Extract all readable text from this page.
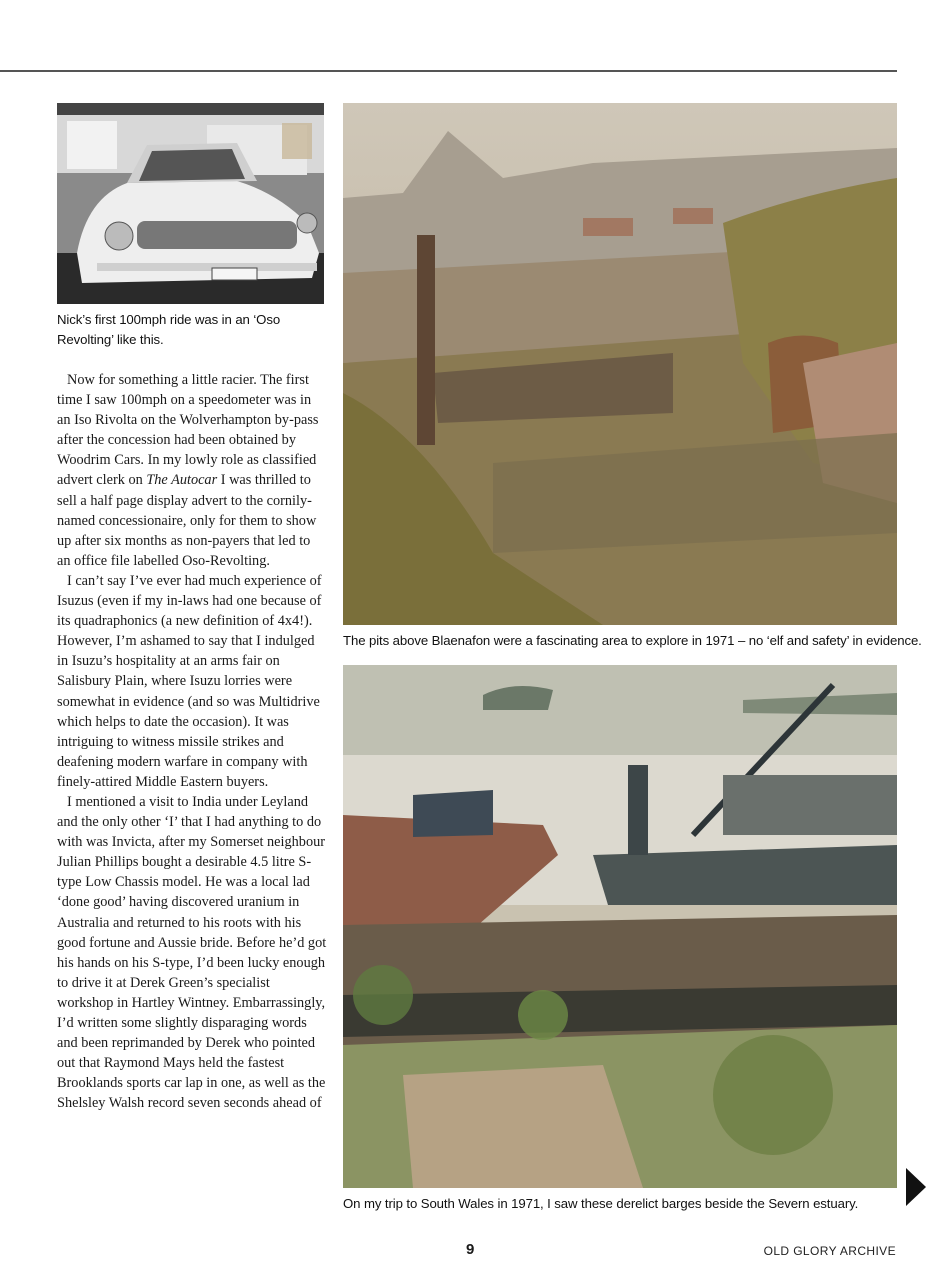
Nick’s first 100mph ride was in an ‘Oso Revolting’ like this.
The pits above Blaenafon were a fascinating area to explore in 1971 – no ‘elf and safety’ in evidence.
On my trip to South Wales in 1971, I saw these derelict barges beside the Severn estuary.

Now for something a little racier. The first time I saw 100mph on a speedometer was in an Iso Rivolta on the Wolverhampton by-pass after the concession had been obtained by Woodrim Cars. In my lowly role as classified advert clerk on The Autocar I was thrilled to sell a half page display advert to the cornily-named concessionaire, only for them to show up after six months as non-payers that led to an office file labelled Oso-Revolting.

I can’t say I’ve ever had much experience of Isuzus (even if my in-laws had one because of its quadraphonics (a new definition of 4x4!). However, I’m ashamed to say that I indulged in Isuzu’s hospitality at an arms fair on Salisbury Plain, where Isuzu lorries were somewhat in evidence (and so was Multidrive which helps to date the occasion). It was intriguing to witness missile strikes and deafening modern warfare in company with finely-attired Middle Eastern buyers.

I mentioned a visit to India under Leyland and the only other ‘I’ that I had anything to do with was Invicta, after my Somerset neighbour Julian Phillips bought a desirable 4.5 litre S-type Low Chassis model. He was a local lad ‘done good’ having discovered uranium in Australia and returned to his roots with his good fortune and Aussie bride. Before he’d got his hands on his S-type, I’d been lucky enough to drive it at Derek Green’s specialist workshop in Hartley Wintney. Embarrassingly, I’d written some slightly disparaging words and been reprimanded by Derek who pointed out that Raymond Mays held the fastest Brooklands sports car lap in one, as well as the Shelsley Walsh record seven seconds ahead of

9	OLD GLORY ARCHIVE
